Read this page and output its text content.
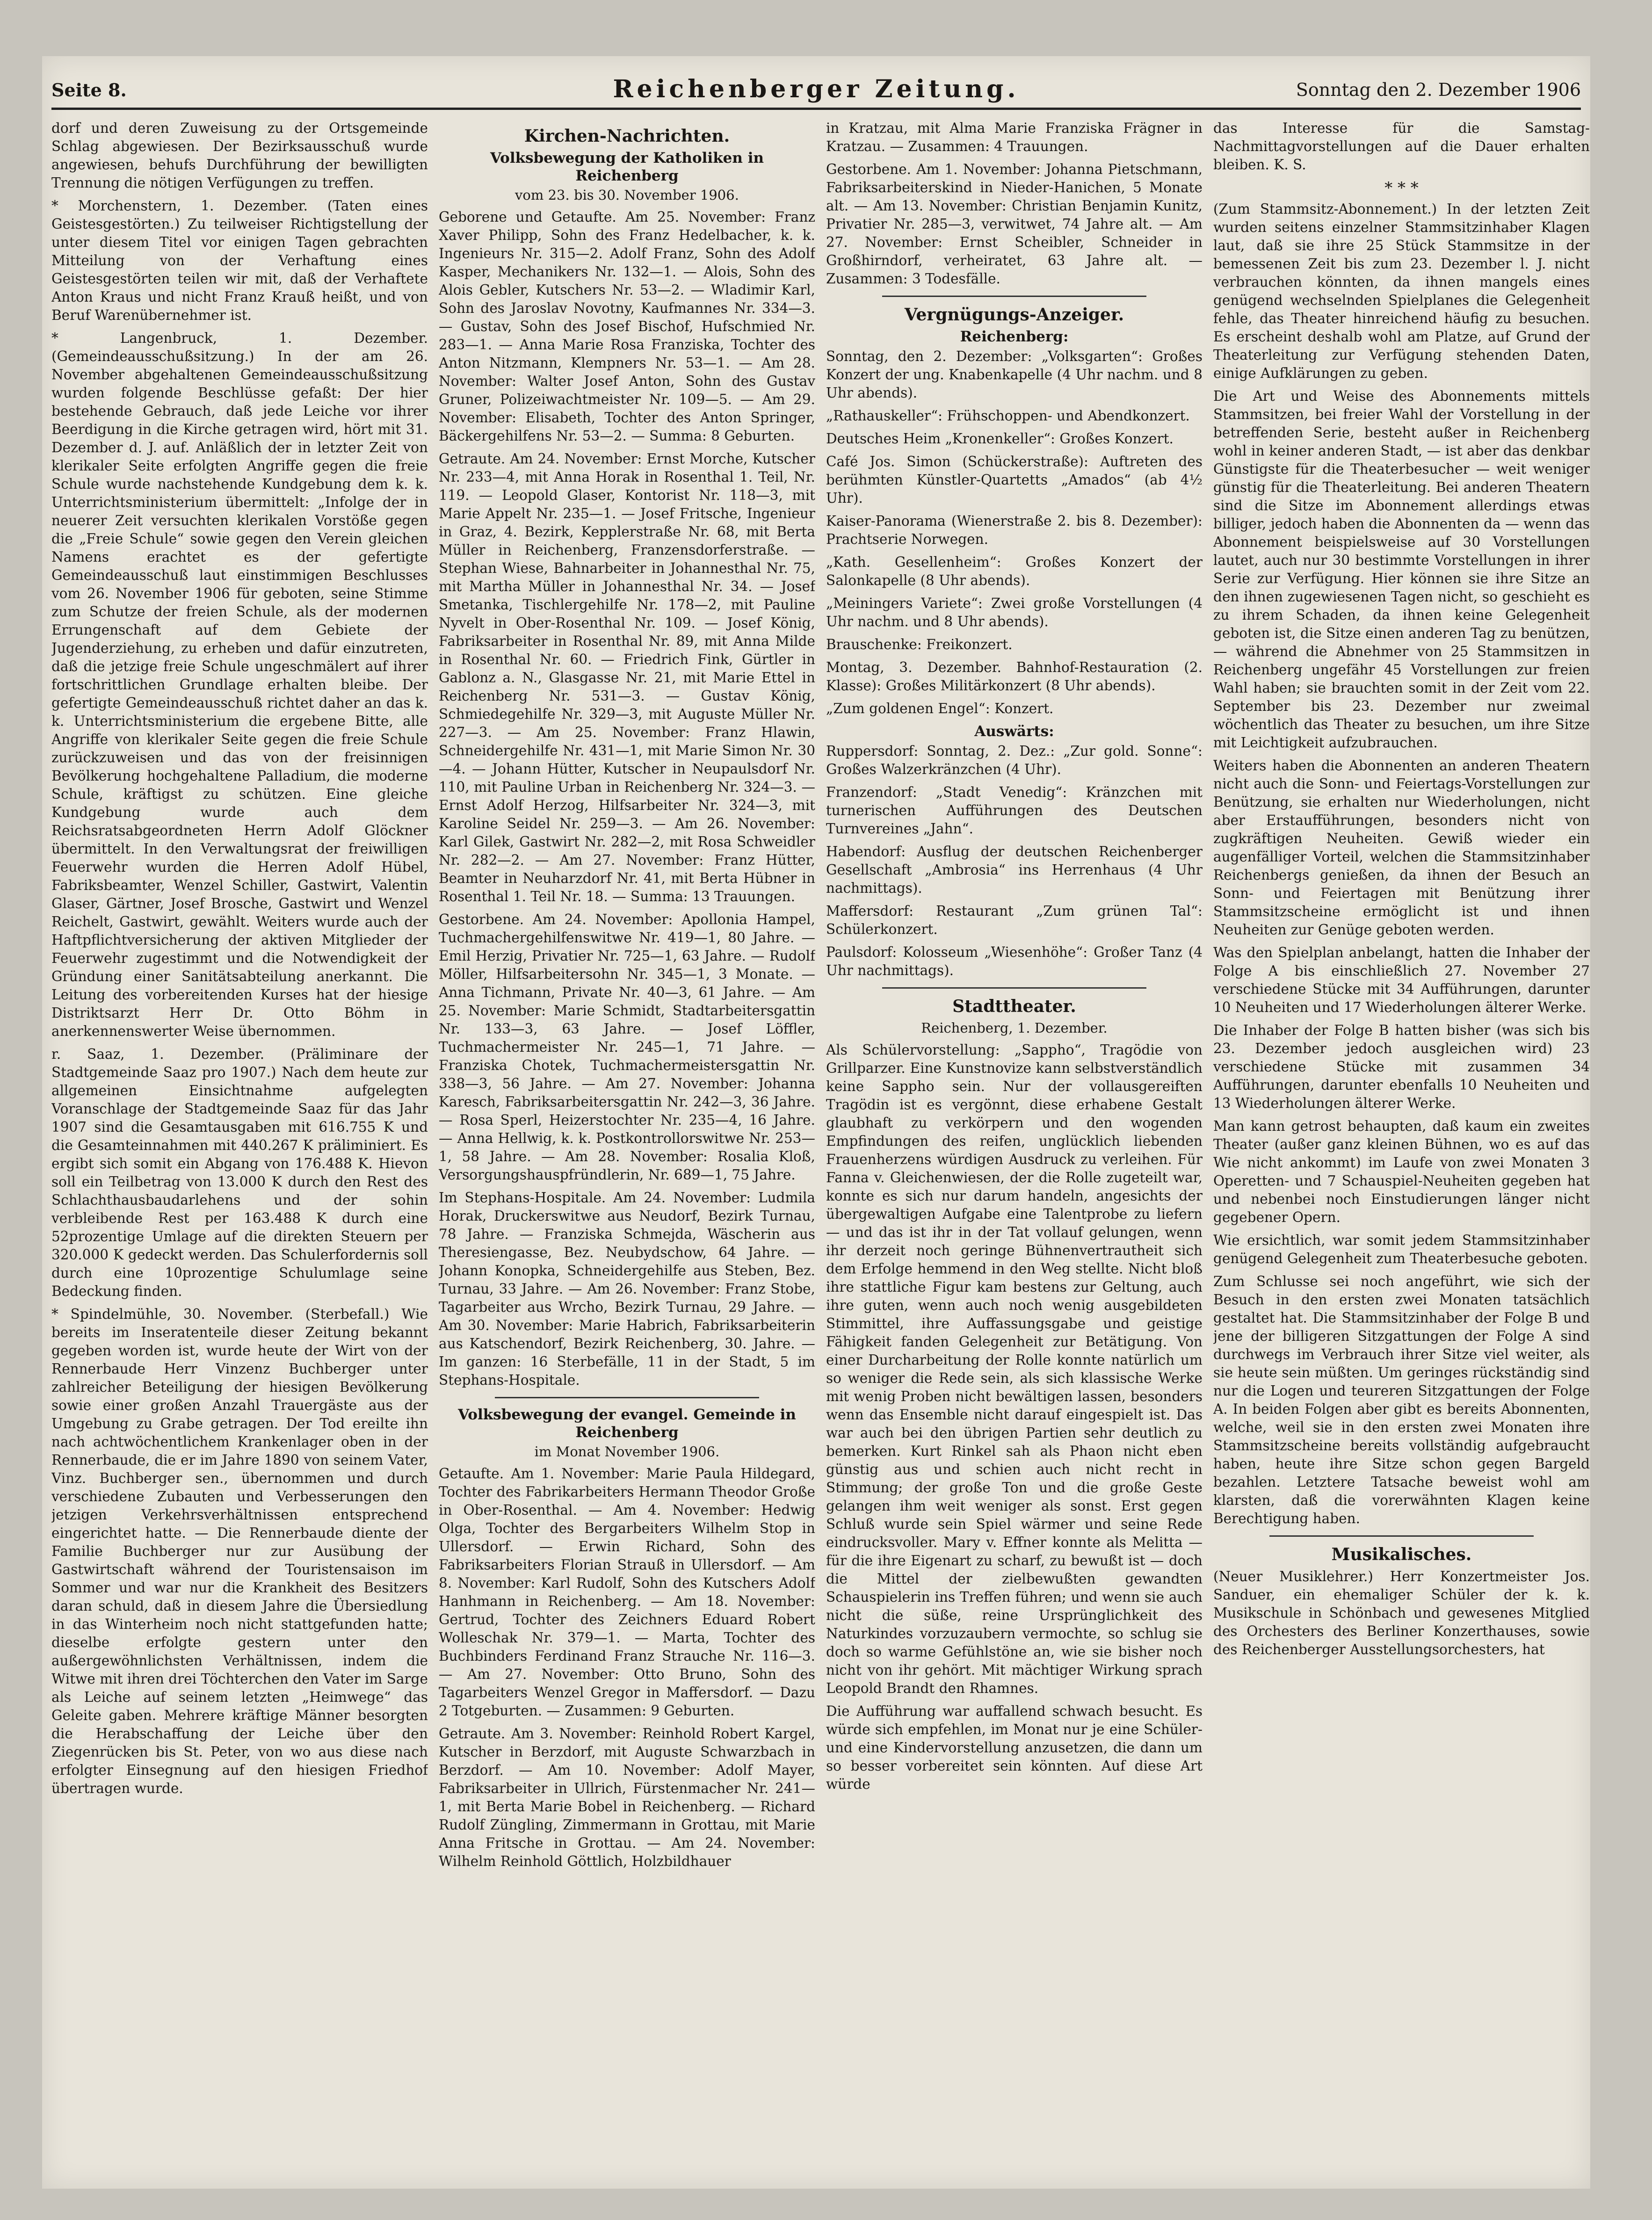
Seite 8.	Reichenberger Zeitung.	Sonntag den 2. Dezember 1906

dorf und deren Zuweisung zu der Ortsgemeinde Schlag abgewiesen. Der Bezirksausschuß wurde angewiesen, behufs Durchführung der bewilligten Trennung die nötigen Verfügungen zu treffen.

* Morchenstern, 1. Dezember. (Taten eines Geistesgestörten.) Zu teilweiser Richtigstellung der unter diesem Titel vor einigen Tagen gebrachten Mitteilung von der Verhaftung eines Geistesgestörten teilen wir mit, daß der Verhaftete Anton Kraus und nicht Franz Krauß heißt, und von Beruf Warenübernehmer ist.

* Langenbruck, 1. Dezember. (Gemeindeausschußsitzung.) In der am 26. November abgehaltenen Gemeindeausschußsitzung wurden folgende Beschlüsse gefaßt: Der hier bestehende Gebrauch, daß jede Leiche vor ihrer Beerdigung in die Kirche getragen wird, hört mit 31. Dezember d. J. auf. Anläßlich der in letzter Zeit von klerikaler Seite erfolgten Angriffe gegen die freie Schule wurde nachstehende Kundgebung dem k. k. Unterrichtsministerium übermittelt: „Infolge der in neuerer Zeit versuchten klerikalen Vorstöße gegen die „Freie Schule“ sowie gegen den Verein gleichen Namens erachtet es der gefertigte Gemeindeausschuß laut einstimmigen Beschlusses vom 26. November 1906 für geboten, seine Stimme zum Schutze der freien Schule, als der modernen Errungenschaft auf dem Gebiete der Jugenderziehung, zu erheben und dafür einzutreten, daß die jetzige freie Schule ungeschmälert auf ihrer fortschrittlichen Grundlage erhalten bleibe. Der gefertigte Gemeindeausschuß richtet daher an das k. k. Unterrichtsministerium die ergebene Bitte, alle Angriffe von klerikaler Seite gegen die freie Schule zurückzuweisen und das von der freisinnigen Bevölkerung hochgehaltene Palladium, die moderne Schule, kräftigst zu schützen. Eine gleiche Kundgebung wurde auch dem Reichsratsabgeordneten Herrn Adolf Glöckner übermittelt. In den Verwaltungsrat der freiwilligen Feuerwehr wurden die Herren Adolf Hübel, Fabriksbeamter, Wenzel Schiller, Gastwirt, Valentin Glaser, Gärtner, Josef Brosche, Gastwirt und Wenzel Reichelt, Gastwirt, gewählt. Weiters wurde auch der Haftpflichtversicherung der aktiven Mitglieder der Feuerwehr zugestimmt und die Notwendigkeit der Gründung einer Sanitätsabteilung anerkannt. Die Leitung des vorbereitenden Kurses hat der hiesige Distriktsarzt Herr Dr. Otto Böhm in anerkennenswerter Weise übernommen.

r. Saaz, 1. Dezember. (Präliminare der Stadtgemeinde Saaz pro 1907.) Nach dem heute zur allgemeinen Einsichtnahme aufgelegten Voranschlage der Stadtgemeinde Saaz für das Jahr 1907 sind die Gesamtausgaben mit 616.755 K und die Gesamteinnahmen mit 440.267 K präliminiert. Es ergibt sich somit ein Abgang von 176.488 K. Hievon soll ein Teilbetrag von 13.000 K durch den Rest des Schlachthausbaudarlehens und der sohin verbleibende Rest per 163.488 K durch eine 52prozentige Umlage auf die direkten Steuern per 320.000 K gedeckt werden. Das Schulerfordernis soll durch eine 10prozentige Schulumlage seine Bedeckung finden.

* Spindelmühle, 30. November. (Sterbefall.) Wie bereits im Inseratenteile dieser Zeitung bekannt gegeben worden ist, wurde heute der Wirt von der Rennerbaude Herr Vinzenz Buchberger unter zahlreicher Beteiligung der hiesigen Bevölkerung sowie einer großen Anzahl Trauergäste aus der Umgebung zu Grabe getragen. Der Tod ereilte ihn nach achtwöchentlichem Krankenlager oben in der Rennerbaude, die er im Jahre 1890 von seinem Vater, Vinz. Buchberger sen., übernommen und durch verschiedene Zubauten und Verbesserungen den jetzigen Verkehrsverhältnissen entsprechend eingerichtet hatte. — Die Rennerbaude diente der Familie Buchberger nur zur Ausübung der Gastwirtschaft während der Touristensaison im Sommer und war nur die Krankheit des Besitzers daran schuld, daß in diesem Jahre die Übersiedlung in das Winterheim noch nicht stattgefunden hatte; dieselbe erfolgte gestern unter den außergewöhnlichsten Verhältnissen, indem die Witwe mit ihren drei Töchterchen den Vater im Sarge als Leiche auf seinem letzten „Heimwege“ das Geleite gaben. Mehrere kräftige Männer besorgten die Herabschaffung der Leiche über den Ziegenrücken bis St. Peter, von wo aus diese nach erfolgter Einsegnung auf den hiesigen Friedhof übertragen wurde.

Kirchen-Nachrichten.
Volksbewegung der Katholiken in Reichenberg
vom 23. bis 30. November 1906.

Geborene und Getaufte. Am 25. November: Franz Xaver Philipp, Sohn des Franz Hedelbacher, k. k. Ingenieurs Nr. 315—2. Adolf Franz, Sohn des Adolf Kasper, Mechanikers Nr. 132—1. — Alois, Sohn des Alois Gebler, Kutschers Nr. 53—2. — Wladimir Karl, Sohn des Jaroslav Novotny, Kaufmannes Nr. 334—3. — Gustav, Sohn des Josef Bischof, Hufschmied Nr. 283—1. — Anna Marie Rosa Franziska, Tochter des Anton Nitzmann, Klempners Nr. 53—1. — Am 28. November: Walter Josef Anton, Sohn des Gustav Gruner, Polizeiwachtmeister Nr. 109—5. — Am 29. November: Elisabeth, Tochter des Anton Springer, Bäckergehilfens Nr. 53—2. — Summa: 8 Geburten.

Getraute. Am 24. November: Ernst Morche, Kutscher Nr. 233—4, mit Anna Horak in Rosenthal 1. Teil, Nr. 119. — Leopold Glaser, Kontorist Nr. 118—3, mit Marie Appelt Nr. 235—1. — Josef Fritsche, Ingenieur in Graz, 4. Bezirk, Kepplerstraße Nr. 68, mit Berta Müller in Reichenberg, Franzensdorferstraße. — Stephan Wiese, Bahnarbeiter in Johannesthal Nr. 75, mit Martha Müller in Johannesthal Nr. 34. — Josef Smetanka, Tischlergehilfe Nr. 178—2, mit Pauline Nyvelt in Ober-Rosenthal Nr. 109. — Josef König, Fabriksarbeiter in Rosenthal Nr. 89, mit Anna Milde in Rosenthal Nr. 60. — Friedrich Fink, Gürtler in Gablonz a. N., Glasgasse Nr. 21, mit Marie Ettel in Reichenberg Nr. 531—3. — Gustav König, Schmiedegehilfe Nr. 329—3, mit Auguste Müller Nr. 227—3. — Am 25. November: Franz Hlawin, Schneidergehilfe Nr. 431—1, mit Marie Simon Nr. 30—4. — Johann Hütter, Kutscher in Neupaulsdorf Nr. 110, mit Pauline Urban in Reichenberg Nr. 324—3. — Ernst Adolf Herzog, Hilfsarbeiter Nr. 324—3, mit Karoline Seidel Nr. 259—3. — Am 26. November: Karl Gilek, Gastwirt Nr. 282—2, mit Rosa Schweidler Nr. 282—2. — Am 27. November: Franz Hütter, Beamter in Neuharzdorf Nr. 41, mit Berta Hübner in Rosenthal 1. Teil Nr. 18. — Summa: 13 Trauungen.

Gestorbene. Am 24. November: Apollonia Hampel, Tuchmachergehilfenswitwe Nr. 419—1, 80 Jahre. — Emil Herzig, Privatier Nr. 725—1, 63 Jahre. — Rudolf Möller, Hilfsarbeitersohn Nr. 345—1, 3 Monate. — Anna Tichmann, Private Nr. 40—3, 61 Jahre. — Am 25. November: Marie Schmidt, Stadtarbeitersgattin Nr. 133—3, 63 Jahre. — Josef Löffler, Tuchmachermeister Nr. 245—1, 71 Jahre. — Franziska Chotek, Tuchmachermeistersgattin Nr. 338—3, 56 Jahre. — Am 27. November: Johanna Karesch, Fabriksarbeitersgattin Nr. 242—3, 36 Jahre. — Rosa Sperl, Heizerstochter Nr. 235—4, 16 Jahre. — Anna Hellwig, k. k. Postkontrollorswitwe Nr. 253—1, 58 Jahre. — Am 28. November: Rosalia Kloß, Versorgungshauspfründlerin, Nr. 689—1, 75 Jahre.

Im Stephans-Hospitale. Am 24. November: Ludmila Horak, Druckerswitwe aus Neudorf, Bezirk Turnau, 78 Jahre. — Franziska Schmejda, Wäscherin aus Theresiengasse, Bez. Neubydschow, 64 Jahre. — Johann Konopka, Schneidergehilfe aus Steben, Bez. Turnau, 33 Jahre. — Am 26. November: Franz Stobe, Tagarbeiter aus Wrcho, Bezirk Turnau, 29 Jahre. — Am 30. November: Marie Habrich, Fabriksarbeiterin aus Katschendorf, Bezirk Reichenberg, 30. Jahre. — Im ganzen: 16 Sterbefälle, 11 in der Stadt, 5 im Stephans-Hospitale.

Volksbewegung der evangel. Gemeinde in Reichenberg
im Monat November 1906.

Getaufte. Am 1. November: Marie Paula Hildegard, Tochter des Fabrikarbeiters Hermann Theodor Große in Ober-Rosenthal. — Am 4. November: Hedwig Olga, Tochter des Bergarbeiters Wilhelm Stop in Ullersdorf. — Erwin Richard, Sohn des Fabriksarbeiters Florian Strauß in Ullersdorf. — Am 8. November: Karl Rudolf, Sohn des Kutschers Adolf Hanhmann in Reichenberg. — Am 18. November: Gertrud, Tochter des Zeichners Eduard Robert Wolleschak Nr. 379—1. — Marta, Tochter des Buchbinders Ferdinand Franz Strauche Nr. 116—3. — Am 27. November: Otto Bruno, Sohn des Tagarbeiters Wenzel Gregor in Maffersdorf. — Dazu 2 Totgeburten. — Zusammen: 9 Geburten.

Getraute. Am 3. November: Reinhold Robert Kargel, Kutscher in Berzdorf, mit Auguste Schwarzbach in Berzdorf. — Am 10. November: Adolf Mayer, Fabriksarbeiter in Ullrich, Fürstenmacher Nr. 241—1, mit Berta Marie Bobel in Reichenberg. — Richard Rudolf Züngling, Zimmermann in Grottau, mit Marie Anna Fritsche in Grottau. — Am 24. November: Wilhelm Reinhold Göttlich, Holzbildhauer

in Kratzau, mit Alma Marie Franziska Frägner in Kratzau. — Zusammen: 4 Trauungen.

Gestorbene. Am 1. November: Johanna Pietschmann, Fabriksarbeiterskind in Nieder-Hanichen, 5 Monate alt. — Am 13. November: Christian Benjamin Kunitz, Privatier Nr. 285—3, verwitwet, 74 Jahre alt. — Am 27. November: Ernst Scheibler, Schneider in Großhirndorf, verheiratet, 63 Jahre alt. — Zusammen: 3 Todesfälle.

Vergnügungs-Anzeiger.
Reichenberg:

Sonntag, den 2. Dezember: „Volksgarten“: Großes Konzert der ung. Knabenkapelle (4 Uhr nachm. und 8 Uhr abends).

„Rathauskeller“: Frühschoppen- und Abendkonzert.

Deutsches Heim „Kronenkeller“: Großes Konzert.

Café Jos. Simon (Schückerstraße): Auftreten des berühmten Künstler-Quartetts „Amados“ (ab 4½ Uhr).

Kaiser-Panorama (Wienerstraße 2. bis 8. Dezember): Prachtserie Norwegen.

„Kath. Gesellenheim“: Großes Konzert der Salonkapelle (8 Uhr abends).

„Meiningers Variete“: Zwei große Vorstellungen (4 Uhr nachm. und 8 Uhr abends).

Brauschenke: Freikonzert.

Montag, 3. Dezember. Bahnhof-Restauration (2. Klasse): Großes Militärkonzert (8 Uhr abends).

„Zum goldenen Engel“: Konzert.

Auswärts:

Ruppersdorf: Sonntag, 2. Dez.: „Zur gold. Sonne“: Großes Walzerkränzchen (4 Uhr).

Franzendorf: „Stadt Venedig“: Kränzchen mit turnerischen Aufführungen des Deutschen Turnvereines „Jahn“.

Habendorf: Ausflug der deutschen Reichenberger Gesellschaft „Ambrosia“ ins Herrenhaus (4 Uhr nachmittags).

Maffersdorf: Restaurant „Zum grünen Tal“: Schülerkonzert.

Paulsdorf: Kolosseum „Wiesenhöhe“: Großer Tanz (4 Uhr nachmittags).

Stadttheater.
Reichenberg, 1. Dezember.

Als Schülervorstellung: „Sappho“, Tragödie von Grillparzer. Eine Kunstnovize kann selbstverständlich keine Sappho sein. Nur der vollausgereiften Tragödin ist es vergönnt, diese erhabene Gestalt glaubhaft zu verkörpern und den wogenden Empfindungen des reifen, unglücklich liebenden Frauenherzens würdigen Ausdruck zu verleihen. Für Fanna v. Gleichenwiesen, der die Rolle zugeteilt war, konnte es sich nur darum handeln, angesichts der übergewaltigen Aufgabe eine Talentprobe zu liefern — und das ist ihr in der Tat vollauf gelungen, wenn ihr derzeit noch geringe Bühnenvertrautheit sich dem Erfolge hemmend in den Weg stellte. Nicht bloß ihre stattliche Figur kam bestens zur Geltung, auch ihre guten, wenn auch noch wenig ausgebildeten Stimmittel, ihre Auffassungsgabe und geistige Fähigkeit fanden Gelegenheit zur Betätigung. Von einer Durcharbeitung der Rolle konnte natürlich um so weniger die Rede sein, als sich klassische Werke mit wenig Proben nicht bewältigen lassen, besonders wenn das Ensemble nicht darauf eingespielt ist. Das war auch bei den übrigen Partien sehr deutlich zu bemerken. Kurt Rinkel sah als Phaon nicht eben günstig aus und schien auch nicht recht in Stimmung; der große Ton und die große Geste gelangen ihm weit weniger als sonst. Erst gegen Schluß wurde sein Spiel wärmer und seine Rede eindrucksvoller. Mary v. Effner konnte als Melitta — für die ihre Eigenart zu scharf, zu bewußt ist — doch die Mittel der zielbewußten gewandten Schauspielerin ins Treffen führen; und wenn sie auch nicht die süße, reine Ursprünglichkeit des Naturkindes vorzuzaubern vermochte, so schlug sie doch so warme Gefühlstöne an, wie sie bisher noch nicht von ihr gehört. Mit mächtiger Wirkung sprach Leopold Brandt den Rhamnes.

Die Aufführung war auffallend schwach besucht. Es würde sich empfehlen, im Monat nur je eine Schüler- und eine Kindervorstellung anzusetzen, die dann um so besser vorbereitet sein könnten. Auf diese Art würde

das Interesse für die Samstag-Nachmittagvorstellungen auf die Dauer erhalten bleiben. K. S.

* * *

(Zum Stammsitz-Abonnement.) In der letzten Zeit wurden seitens einzelner Stammsitzinhaber Klagen laut, daß sie ihre 25 Stück Stammsitze in der bemessenen Zeit bis zum 23. Dezember l. J. nicht verbrauchen könnten, da ihnen mangels eines genügend wechselnden Spielplanes die Gelegenheit fehle, das Theater hinreichend häufig zu besuchen. Es erscheint deshalb wohl am Platze, auf Grund der Theaterleitung zur Verfügung stehenden Daten, einige Aufklärungen zu geben.

Die Art und Weise des Abonnements mittels Stammsitzen, bei freier Wahl der Vorstellung in der betreffenden Serie, besteht außer in Reichenberg wohl in keiner anderen Stadt, — ist aber das denkbar Günstigste für die Theaterbesucher — weit weniger günstig für die Theaterleitung. Bei anderen Theatern sind die Sitze im Abonnement allerdings etwas billiger, jedoch haben die Abonnenten da — wenn das Abonnement beispielsweise auf 30 Vorstellungen lautet, auch nur 30 bestimmte Vorstellungen in ihrer Serie zur Verfügung. Hier können sie ihre Sitze an den ihnen zugewiesenen Tagen nicht, so geschieht es zu ihrem Schaden, da ihnen keine Gelegenheit geboten ist, die Sitze einen anderen Tag zu benützen, — während die Abnehmer von 25 Stammsitzen in Reichenberg ungefähr 45 Vorstellungen zur freien Wahl haben; sie brauchten somit in der Zeit vom 22. September bis 23. Dezember nur zweimal wöchentlich das Theater zu besuchen, um ihre Sitze mit Leichtigkeit aufzubrauchen.

Weiters haben die Abonnenten an anderen Theatern nicht auch die Sonn- und Feiertags-Vorstellungen zur Benützung, sie erhalten nur Wiederholungen, nicht aber Erstaufführungen, besonders nicht von zugkräftigen Neuheiten. Gewiß wieder ein augenfälliger Vorteil, welchen die Stammsitzinhaber Reichenbergs genießen, da ihnen der Besuch an Sonn- und Feiertagen mit Benützung ihrer Stammsitzscheine ermöglicht ist und ihnen Neuheiten zur Genüge geboten werden.

Was den Spielplan anbelangt, hatten die Inhaber der Folge A bis einschließlich 27. November 27 verschiedene Stücke mit 34 Aufführungen, darunter 10 Neuheiten und 17 Wiederholungen älterer Werke.

Die Inhaber der Folge B hatten bisher (was sich bis 23. Dezember jedoch ausgleichen wird) 23 verschiedene Stücke mit zusammen 34 Aufführungen, darunter ebenfalls 10 Neuheiten und 13 Wiederholungen älterer Werke.

Man kann getrost behaupten, daß kaum ein zweites Theater (außer ganz kleinen Bühnen, wo es auf das Wie nicht ankommt) im Laufe von zwei Monaten 3 Operetten- und 7 Schauspiel-Neuheiten gegeben hat und nebenbei noch Einstudierungen länger nicht gegebener Opern.

Wie ersichtlich, war somit jedem Stammsitzinhaber genügend Gelegenheit zum Theaterbesuche geboten.

Zum Schlusse sei noch angeführt, wie sich der Besuch in den ersten zwei Monaten tatsächlich gestaltet hat. Die Stammsitzinhaber der Folge B und jene der billigeren Sitzgattungen der Folge A sind durchwegs im Verbrauch ihrer Sitze viel weiter, als sie heute sein müßten. Um geringes rückständig sind nur die Logen und teureren Sitzgattungen der Folge A. In beiden Folgen aber gibt es bereits Abonnenten, welche, weil sie in den ersten zwei Monaten ihre Stammsitzscheine bereits vollständig aufgebraucht haben, heute ihre Sitze schon gegen Bargeld bezahlen. Letztere Tatsache beweist wohl am klarsten, daß die vorerwähnten Klagen keine Berechtigung haben.

Musikalisches.

(Neuer Musiklehrer.) Herr Konzertmeister Jos. Sanduer, ein ehemaliger Schüler der k. k. Musikschule in Schönbach und gewesenes Mitglied des Orchesters des Berliner Konzerthauses, sowie des Reichenberger Ausstellungsorchesters, hat
